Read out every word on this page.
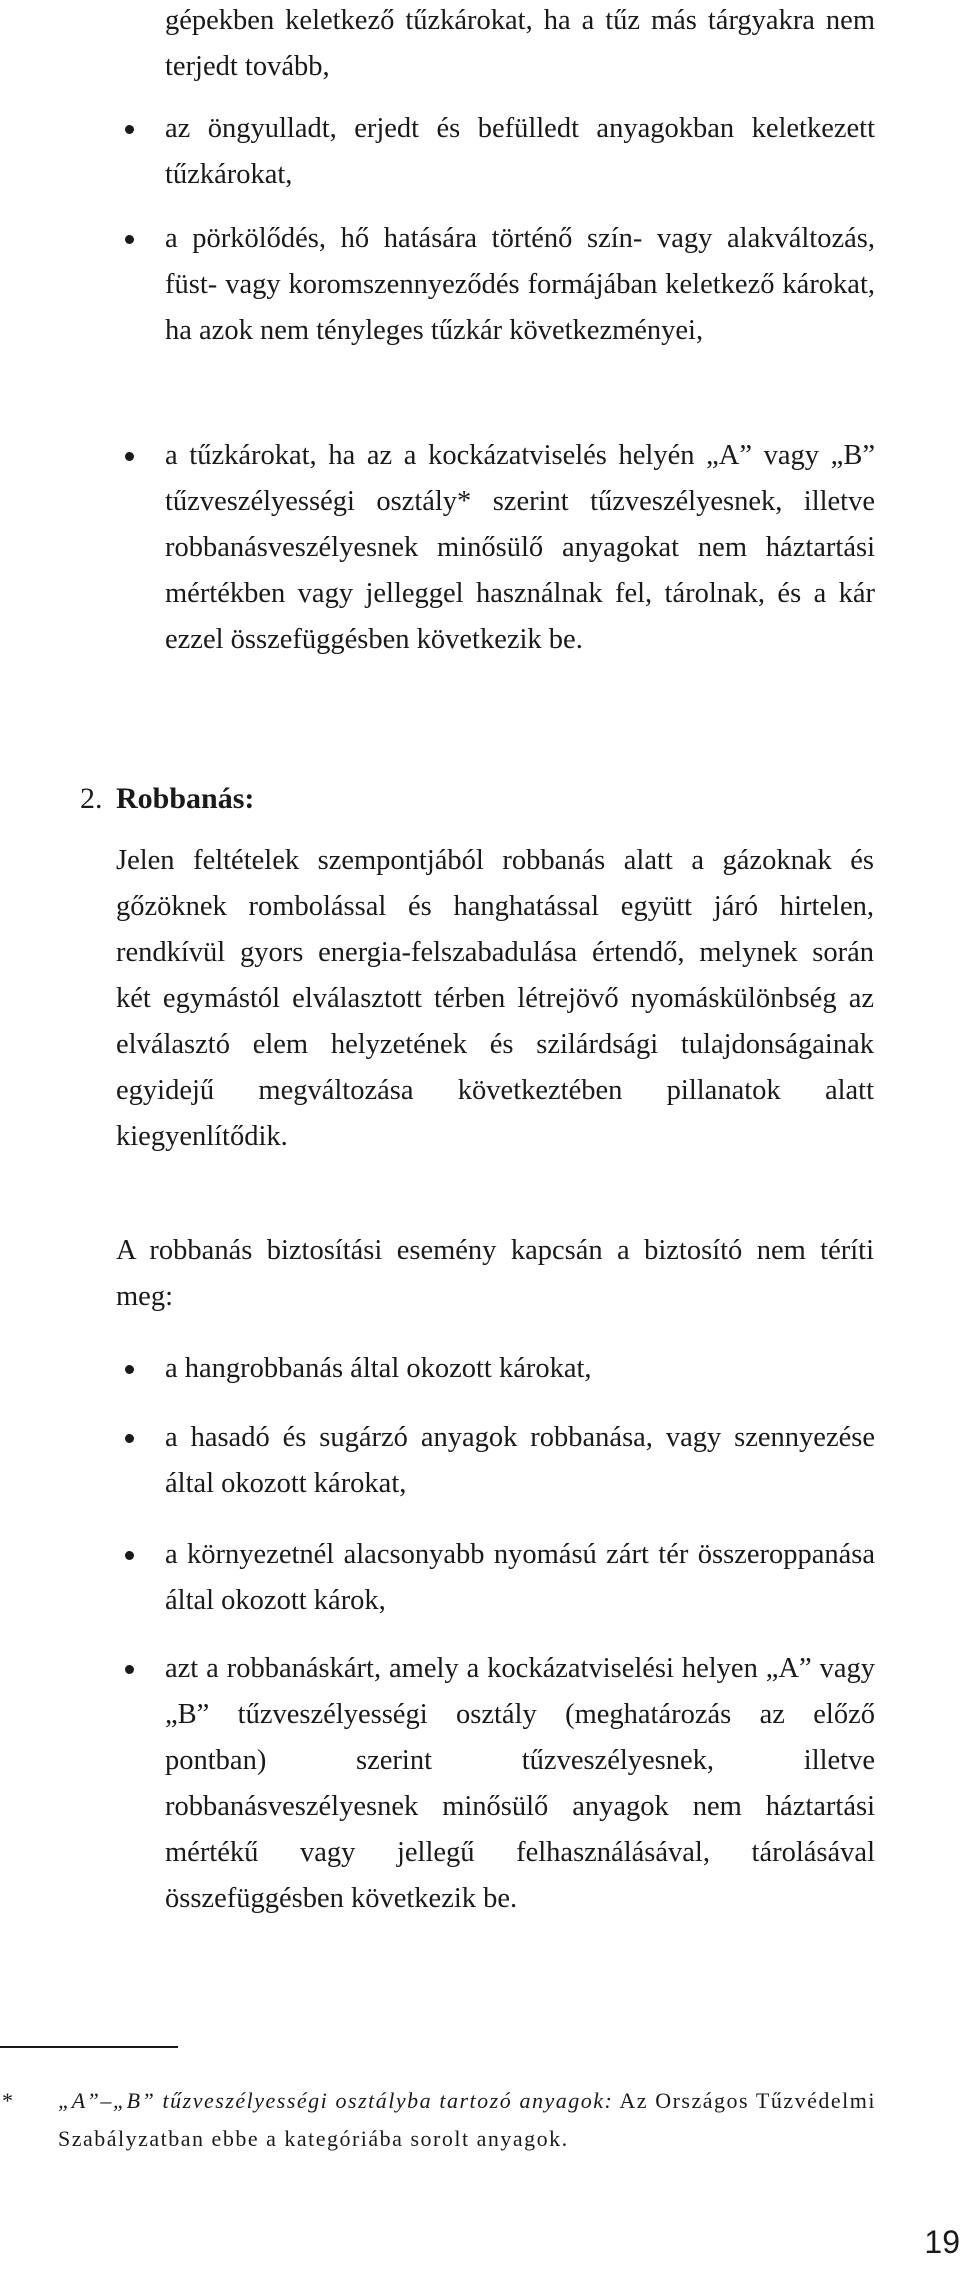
gépekben keletkező tűzkárokat, ha a tűz más tárgyakra nem terjedt tovább,
az öngyulladt, erjedt és befülledt anyagokban keletkezett tűzkárokat,
a pörkölődés, hő hatására történő szín- vagy alakváltozás, füst- vagy koromszennyeződés formájában keletkező károkat, ha azok nem tényleges tűzkár következményei,
a tűzkárokat, ha az a kockázatviselés helyén „A” vagy „B” tűzveszélyességi osztály* szerint tűzveszélyesnek, illetve robbanásveszélyesnek minősülő anyagokat nem háztartási mértékben vagy jelleggel használnak fel, tárolnak, és a kár ezzel összefüggésben következik be.
2. Robbanás:
Jelen feltételek szempontjából robbanás alatt a gázoknak és gőzöknek rombolással és hanghatással együtt járó hirtelen, rendkívül gyors energia-felszabadulása értendő, melynek során két egymástól elválasztott térben létrejövő nyomáskülönbség az elválasztó elem helyzetének és szilárdsági tulajdonságainak egyidejű megváltozása következtében pillanatok alatt kiegyenlítődik.
A robbanás biztosítási esemény kapcsán a biztosító nem téríti meg:
a hangrobbanás által okozott károkat,
a hasadó és sugárzó anyagok robbanása, vagy szennyezése által okozott károkat,
a környezetnél alacsonyabb nyomású zárt tér összeroppanása által okozott károk,
azt a robbanáskárt, amely a kockázatviselési helyen „A” vagy „B” tűzveszélyességi osztály (meghatározás az előző pontban) szerint tűzveszélyesnek, illetve robbanásveszélyesnek minősülő anyagok nem háztartási mértékű vagy jellegű felhasználásával, tárolásával összefüggésben következik be.
* „A”–„B” tűzveszélyességi osztályba tartozó anyagok: Az Országos Tűzvédelmi Szabályzatban ebbe a kategóriába sorolt anyagok.
19
